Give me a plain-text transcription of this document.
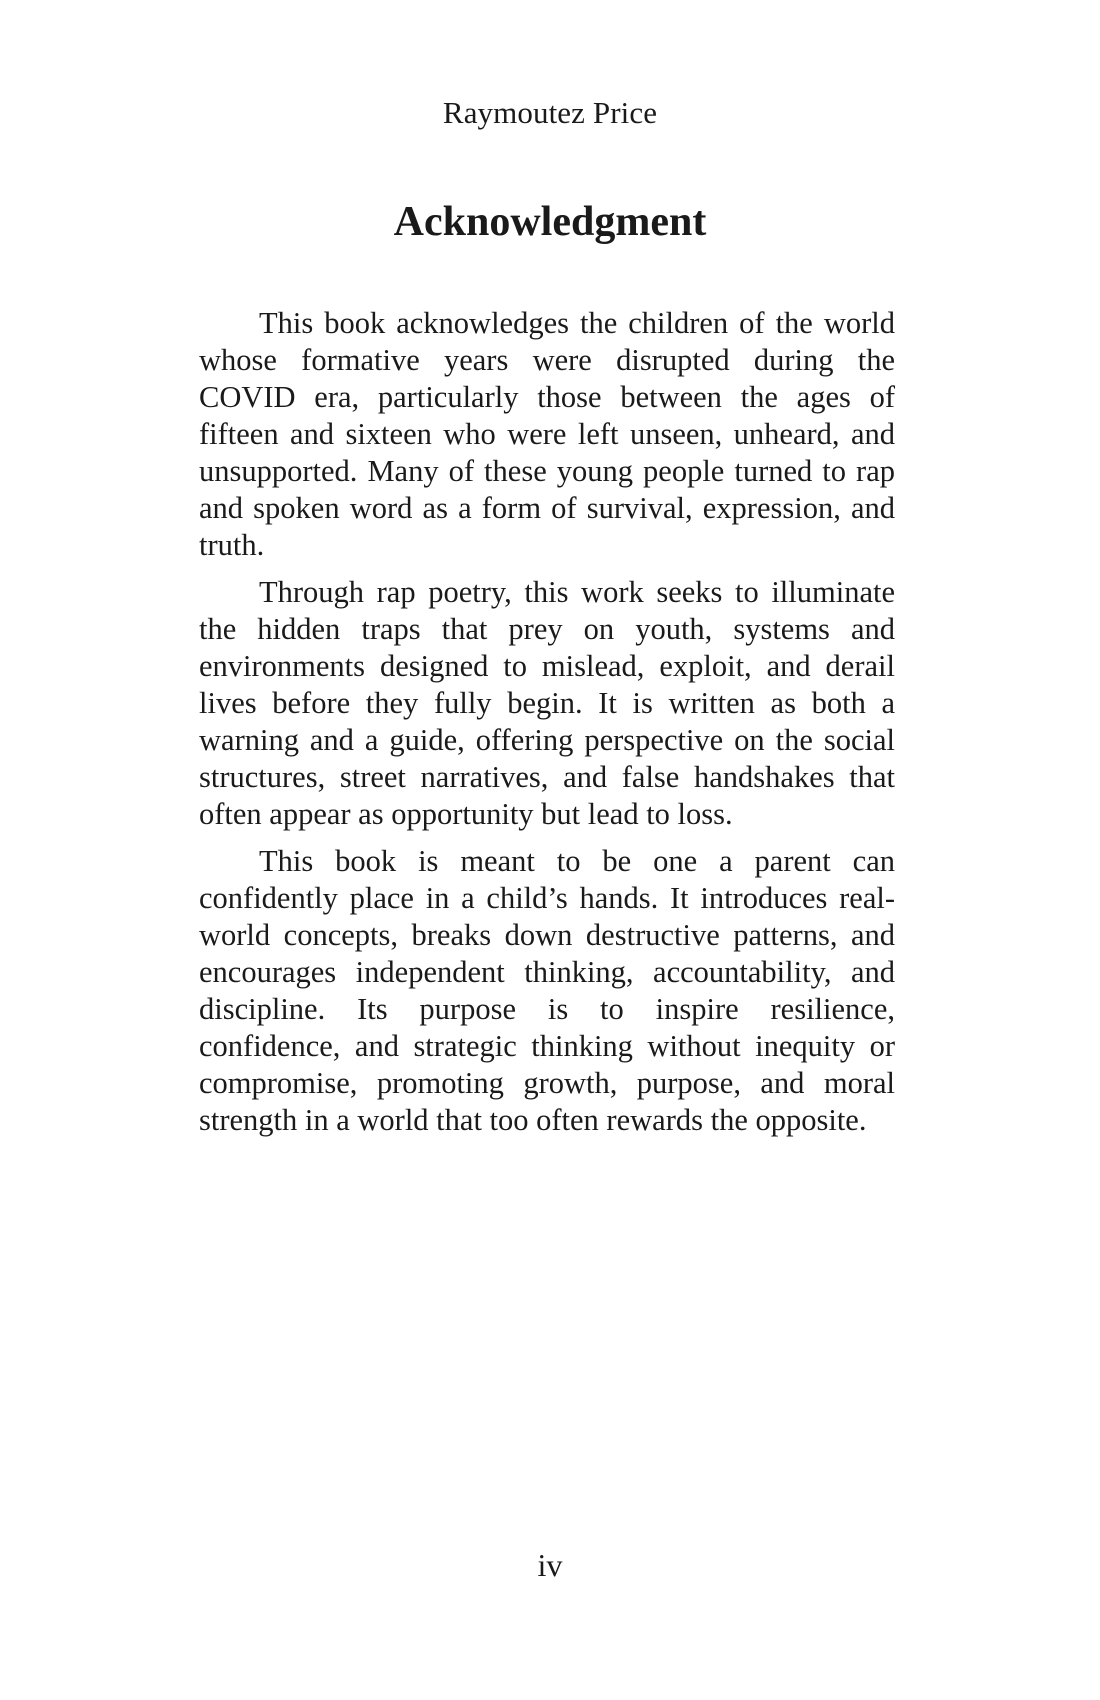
Raymoutez Price
Acknowledgment

This book acknowledges the children of the world whose formative years were disrupted during the COVID era, particularly those between the ages of fifteen and sixteen who were left unseen, unheard, and unsupported. Many of these young people turned to rap and spoken word as a form of survival, expression, and truth.

Through rap poetry, this work seeks to illuminate the hidden traps that prey on youth, systems and environments designed to mislead, exploit, and derail lives before they fully begin. It is written as both a warning and a guide, offering perspective on the social structures, street narratives, and false handshakes that often appear as opportunity but lead to loss.

This book is meant to be one a parent can confidently place in a child’s hands. It introduces real-world concepts, breaks down destructive patterns, and encourages independent thinking, accountability, and discipline. Its purpose is to inspire resilience, confidence, and strategic thinking without inequity or compromise, promoting growth, purpose, and moral strength in a world that too often rewards the opposite.

iv
